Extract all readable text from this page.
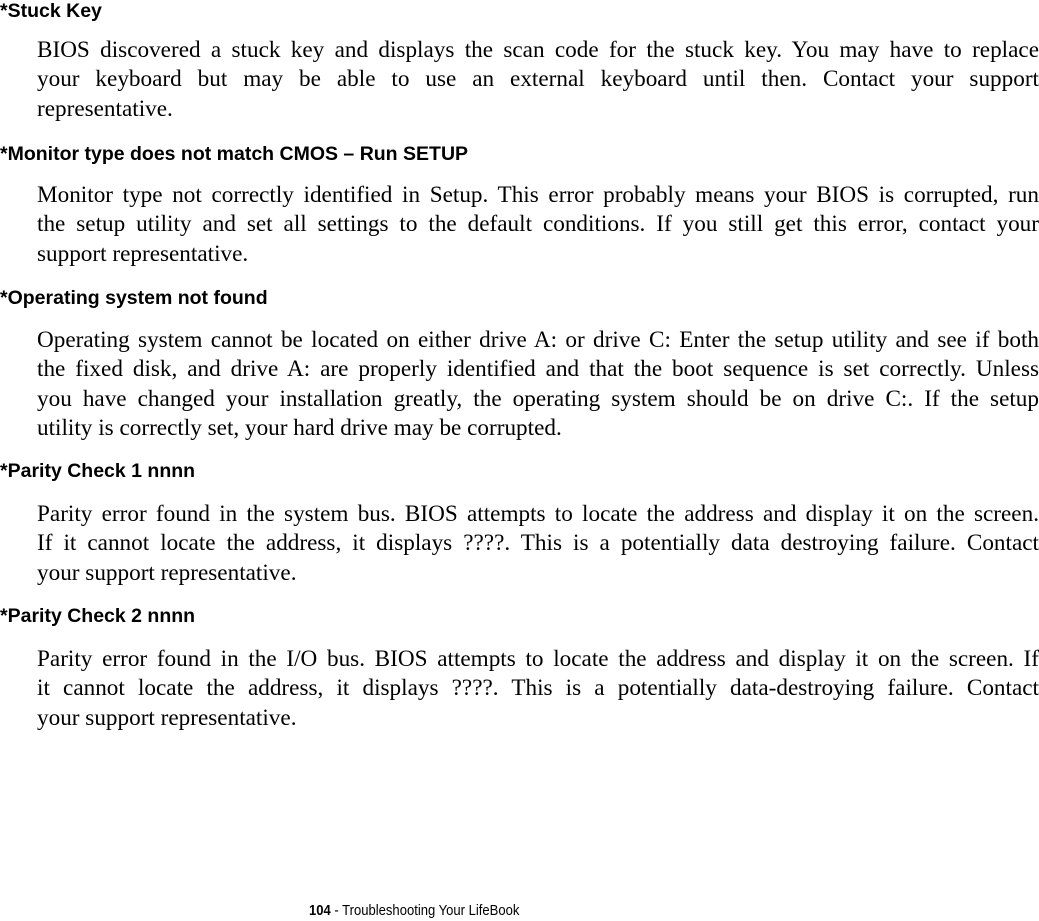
*Stuck Key

BIOS discovered a stuck key and displays the scan code for the stuck key. You may have to replace
your keyboard but may be able to use an external keyboard until then. Contact your support
representative.

*Monitor type does not match CMOS – Run SETUP

Monitor type not correctly identified in Setup. This error probably means your BIOS is corrupted, run
the setup utility and set all settings to the default conditions. If you still get this error, contact your
support representative.

*Operating system not found

Operating system cannot be located on either drive A: or drive C: Enter the setup utility and see if both
the fixed disk, and drive A: are properly identified and that the boot sequence is set correctly. Unless
you have changed your installation greatly, the operating system should be on drive C:. If the setup
utility is correctly set, your hard drive may be corrupted.

*Parity Check 1 nnnn

Parity error found in the system bus. BIOS attempts to locate the address and display it on the screen.
If it cannot locate the address, it displays ????. This is a potentially data destroying failure. Contact
your support representative.

*Parity Check 2 nnnn

Parity error found in the I/O bus. BIOS attempts to locate the address and display it on the screen. If
it cannot locate the address, it displays ????. This is a potentially data-destroying failure. Contact
your support representative.

104 - Troubleshooting Your LifeBook
